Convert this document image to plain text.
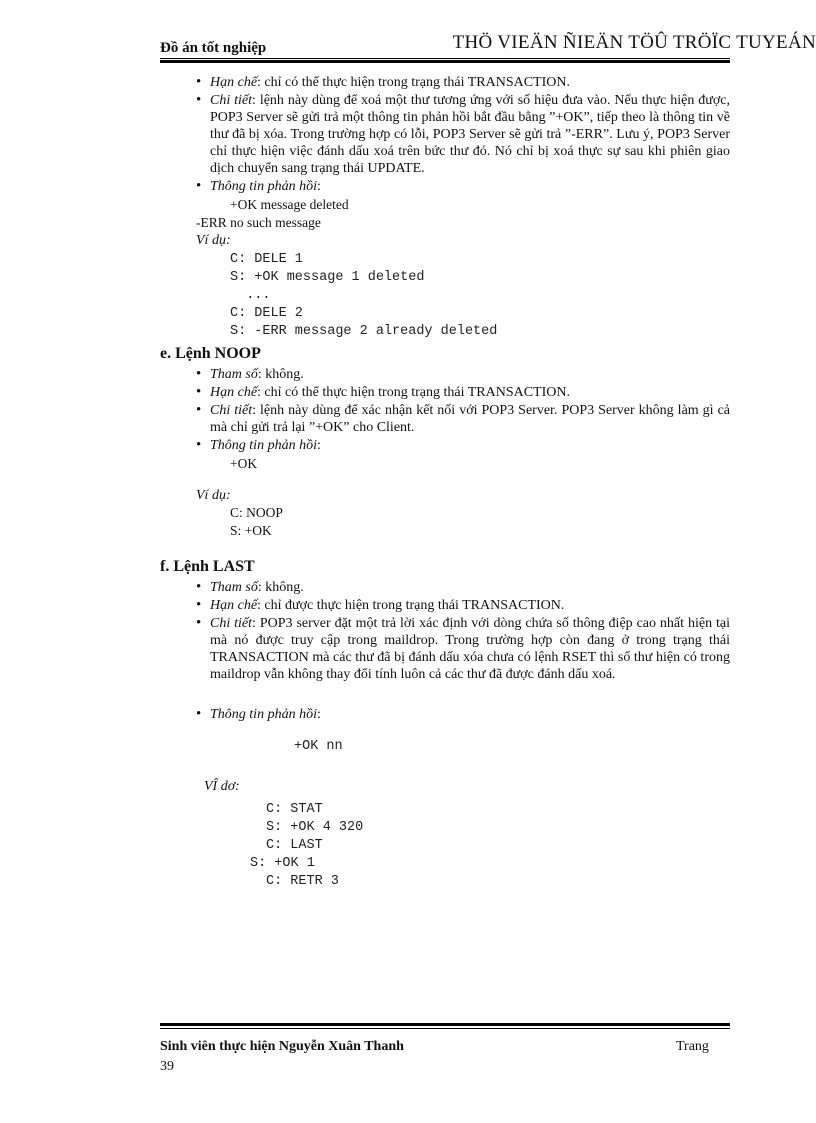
Đồ án tốt nghiệp	THÖ VIEÄN ÑIEÄN TÖÛ TRÖÏC TUYEÁN
• Hạn chế: chỉ có thể thực hiện trong trạng thái TRANSACTION.
• Chi tiết: lệnh này dùng để xoá một thư tương ứng với số hiệu đưa vào. Nếu thực hiện được, POP3 Server sẽ gửi trả một thông tin phản hồi bắt đầu bằng ”+OK”, tiếp theo là thông tin về thư đã bị xóa. Trong trường hợp có lỗi, POP3 Server sẽ gửi trả ”-ERR”. Lưu ý, POP3 Server chỉ thực hiện việc đánh dấu xoá trên bức thư đó. Nó chỉ bị xoá thực sự sau khi phiên giao dịch chuyển sang trạng thái UPDATE.
• Thông tin phản hồi:
+OK message deleted
-ERR no such message
Ví dụ:
C: DELE 1
S: +OK message 1 deleted
...
C: DELE 2
S: -ERR message 2 already deleted
e. Lệnh NOOP
• Tham số: không.
• Hạn chế: chỉ có thể thực hiện trong trạng thái TRANSACTION.
• Chi tiết: lệnh này dùng để xác nhận kết nối với POP3 Server. POP3 Server không làm gì cả mà chỉ gửi trả lại ”+OK” cho Client.
• Thông tin phản hồi:
+OK
Ví dụ:
C: NOOP
S: +OK
f. Lệnh LAST
• Tham số: không.
• Hạn chế: chỉ được thực hiện trong trạng thái TRANSACTION.
• Chi tiết: POP3 server đặt một trả lời xác định với dòng chứa số thông điệp cao nhất hiện tại mà nó được truy cập trong maildrop. Trong trường hợp còn đang ở trong trạng thái TRANSACTION mà các thư đã bị đánh dấu xóa chưa có lệnh RSET thì số thư hiện có trong maildrop vẫn không thay đổi tính luôn cả các thư đã được đánh dấu xoá.
• Thông tin phản hồi:
+OK nn
VÎ dơ:
C: STAT
S: +OK 4 320
C: LAST
S: +OK 1
C: RETR 3
Sinh viên thực hiện Nguyễn Xuân Thanh	Trang
39
